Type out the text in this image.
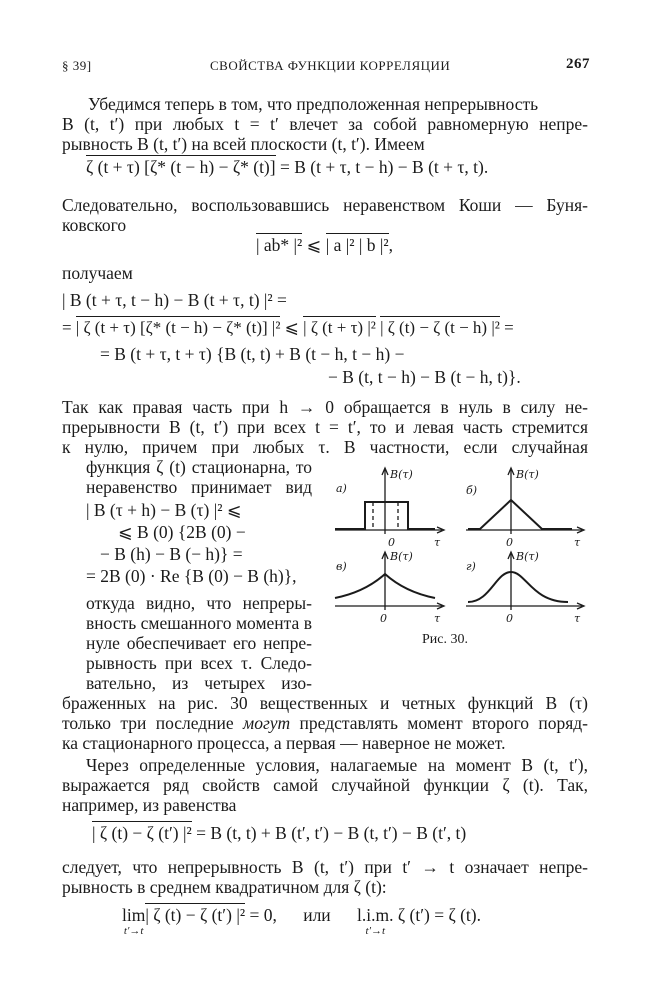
§ 39]	СВОЙСТВА ФУНКЦИИ КОРРЕЛЯЦИИ	267
Убедимся теперь в том, что предположенная непрерывность
B (t, t′) при любых t = t′ влечет за собой равномерную непре-
рывность B (t, t′) на всей плоскости (t, t′). Имеем
ζ (t + τ) [ζ* (t − h) − ζ* (t)] = B (t + τ, t − h) − B (t + τ, t).
Следовательно, воспользовавшись неравенством Коши — Буня-
ковского
| ab* |² ⩽ | a |² | b |²,
получаем
| B (t + τ, t − h) − B (t + τ, t) |² =
= | ζ (t + τ) [ζ* (t − h) − ζ* (t)] |² ⩽ | ζ (t + τ) |² | ζ (t) − ζ (t − h) |² =
= B (t + τ, t + τ) {B (t, t) + B (t − h, t − h) −
− B (t, t − h) − B (t − h, t)}.
Так как правая часть при h → 0 обращается в нуль в силу не-
прерывности B (t, t′) при всех t = t′, то и левая часть стремится
к нулю, причем при любых τ. В частности, если случайная
функция ζ (t) стационарна, то
неравенство принимает вид
| B (τ + h) − B (τ) |² ⩽
⩽ B (0) {2B (0) −
− B (h) − B (− h)} =
= 2B (0) · Re {B (0) − B (h)},
откуда видно, что непреры-
вность смешанного момента в
нуле обеспечивает его непре-
рывность при всех τ. Следо-
вательно, из четырех изо-
а)
B(τ)
0	τ
б)
B(τ)
0	τ
в)
B(τ)
0	τ
г)
B(τ)
0	τ
Рис. 30.
браженных на рис. 30 вещественных и четных функций B (τ)
только три последние могут представлять момент второго поряд-
ка стационарного процесса, а первая — наверное не может.
Через определенные условия, налагаемые на момент B (t, t′),
выражается ряд свойств самой случайной функции ζ (t). Так,
например, из равенства
| ζ (t) − ζ (t′) |² = B (t, t) + B (t′, t′) − B (t, t′) − B (t′, t)
следует, что непрерывность B (t, t′) при t′ → t означает непре-
рывность в среднем квадратичном для ζ (t):
lim

t′→t
| ζ (t) − ζ (t′) |² = 0, или l.i.m.

t′→t
ζ (t′) = ζ (t).
